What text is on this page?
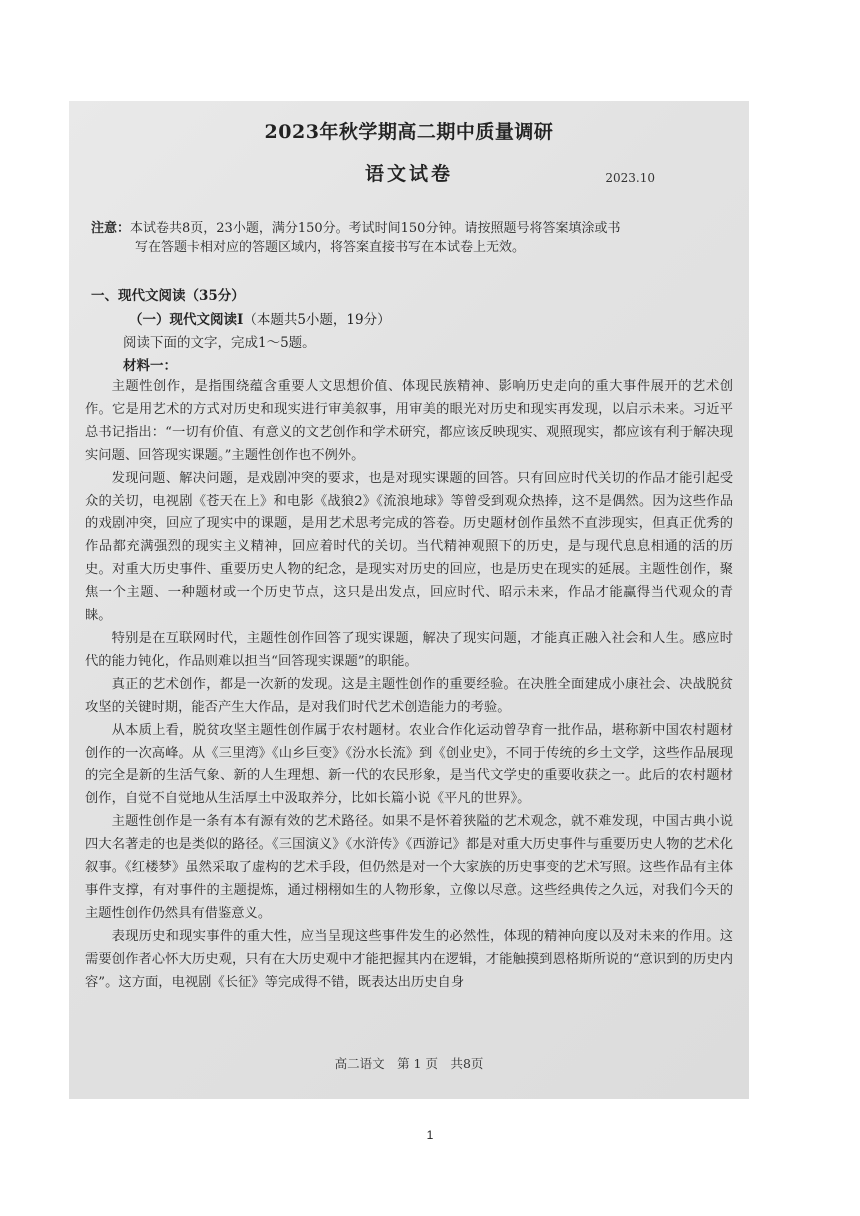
2023年秋学期高二期中质量调研
语文试卷	2023.10
注意：本试卷共8页，23小题，满分150分。考试时间150分钟。请按照题号将答案填涂或书
写在答题卡相对应的答题区域内，将答案直接书写在本试卷上无效。
一、现代文阅读（35分）
（一）现代文阅读Ⅰ（本题共5小题，19分）
阅读下面的文字，完成1～5题。
材料一：

主题性创作，是指围绕蕴含重要人文思想价值、体现民族精神、影响历史走向的重大事件展开的艺术创作。它是用艺术的方式对历史和现实进行审美叙事，用审美的眼光对历史和现实再发现，以启示未来。习近平总书记指出：“一切有价值、有意义的文艺创作和学术研究，都应该反映现实、观照现实，都应该有利于解决现实问题、回答现实课题。”主题性创作也不例外。

发现问题、解决问题，是戏剧冲突的要求，也是对现实课题的回答。只有回应时代关切的作品才能引起受众的关切，电视剧《苍天在上》和电影《战狼2》《流浪地球》等曾受到观众热捧，这不是偶然。因为这些作品的戏剧冲突，回应了现实中的课题，是用艺术思考完成的答卷。历史题材创作虽然不直涉现实，但真正优秀的作品都充满强烈的现实主义精神，回应着时代的关切。当代精神观照下的历史，是与现代息息相通的活的历史。对重大历史事件、重要历史人物的纪念，是现实对历史的回应，也是历史在现实的延展。主题性创作，聚焦一个主题、一种题材或一个历史节点，这只是出发点，回应时代、昭示未来，作品才能赢得当代观众的青睐。

特别是在互联网时代，主题性创作回答了现实课题，解决了现实问题，才能真正融入社会和人生。感应时代的能力钝化，作品则难以担当“回答现实课题”的职能。

真正的艺术创作，都是一次新的发现。这是主题性创作的重要经验。在决胜全面建成小康社会、决战脱贫攻坚的关键时期，能否产生大作品，是对我们时代艺术创造能力的考验。

从本质上看，脱贫攻坚主题性创作属于农村题材。农业合作化运动曾孕育一批作品，堪称新中国农村题材创作的一次高峰。从《三里湾》《山乡巨变》《汾水长流》到《创业史》，不同于传统的乡土文学，这些作品展现的完全是新的生活气象、新的人生理想、新一代的农民形象，是当代文学史的重要收获之一。此后的农村题材创作，自觉不自觉地从生活厚土中汲取养分，比如长篇小说《平凡的世界》。

主题性创作是一条有本有源有效的艺术路径。如果不是怀着狭隘的艺术观念，就不难发现，中国古典小说四大名著走的也是类似的路径。《三国演义》《水浒传》《西游记》都是对重大历史事件与重要历史人物的艺术化叙事。《红楼梦》虽然采取了虚构的艺术手段，但仍然是对一个大家族的历史事变的艺术写照。这些作品有主体事件支撑，有对事件的主题提炼，通过栩栩如生的人物形象，立像以尽意。这些经典传之久远，对我们今天的主题性创作仍然具有借鉴意义。

表现历史和现实事件的重大性，应当呈现这些事件发生的必然性，体现的精神向度以及对未来的作用。这需要创作者心怀大历史观，只有在大历史观中才能把握其内在逻辑，才能触摸到恩格斯所说的“意识到的历史内容”。这方面，电视剧《长征》等完成得不错，既表达出历史自身

高二语文　第 1 页　共8页
1
